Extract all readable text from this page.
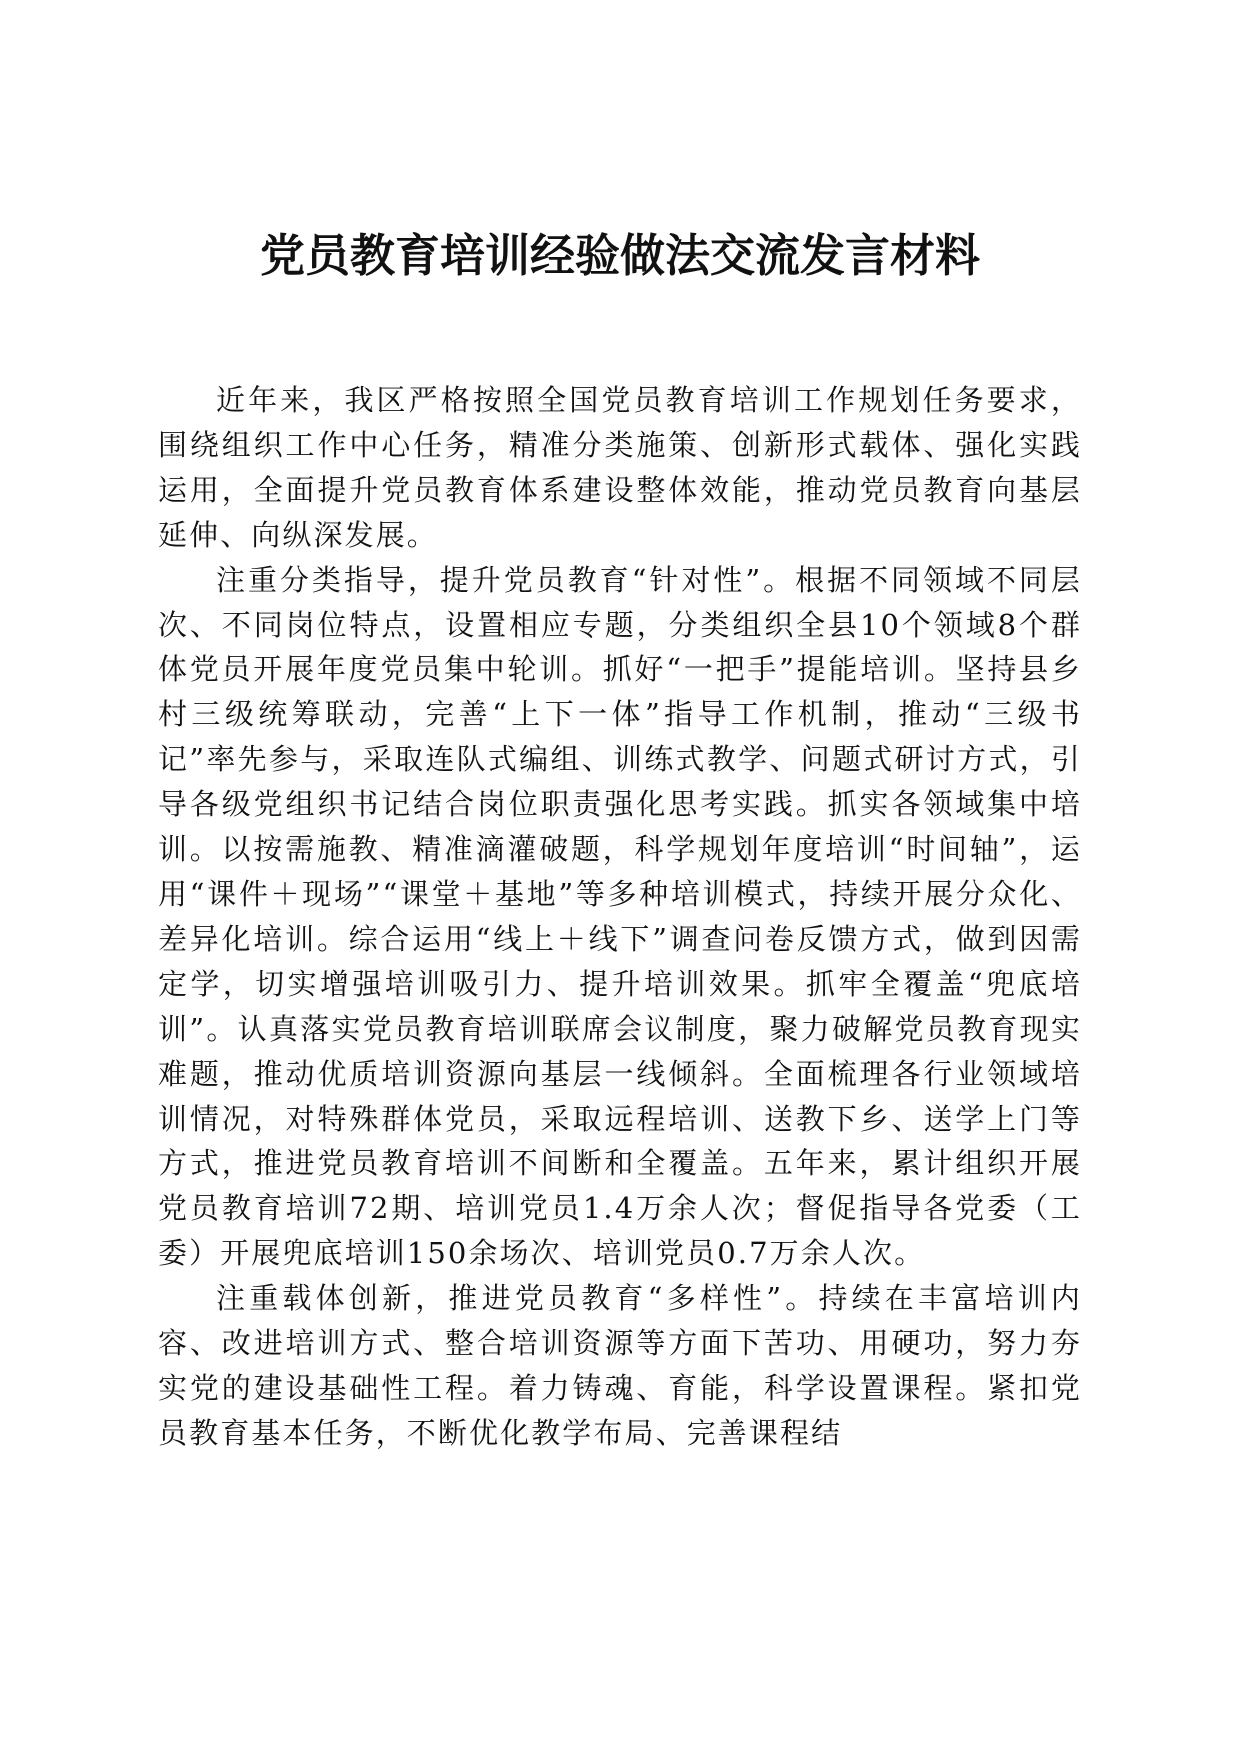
党员教育培训经验做法交流发言材料

近年来，我区严格按照全国党员教育培训工作规划任务要求，围绕组织工作中心任务，精准分类施策、创新形式载体、强化实践运用，全面提升党员教育体系建设整体效能，推动党员教育向基层延伸、向纵深发展。

注重分类指导，提升党员教育“针对性”。根据不同领域不同层次、不同岗位特点，设置相应专题，分类组织全县10个领域8个群体党员开展年度党员集中轮训。抓好“一把手”提能培训。坚持县乡村三级统筹联动，完善“上下一体”指导工作机制，推动“三级书记”率先参与，采取连队式编组、训练式教学、问题式研讨方式，引导各级党组织书记结合岗位职责强化思考实践。抓实各领域集中培训。以按需施教、精准滴灌破题，科学规划年度培训“时间轴”，运用“课件＋现场”“课堂＋基地”等多种培训模式，持续开展分众化、差异化培训。综合运用“线上＋线下”调查问卷反馈方式，做到因需定学，切实增强培训吸引力、提升培训效果。抓牢全覆盖“兜底培训”。认真落实党员教育培训联席会议制度，聚力破解党员教育现实难题，推动优质培训资源向基层一线倾斜。全面梳理各行业领域培训情况，对特殊群体党员，采取远程培训、送教下乡、送学上门等方式，推进党员教育培训不间断和全覆盖。五年来，累计组织开展党员教育培训72期、培训党员1.4万余人次；督促指导各党委（工委）开展兜底培训150余场次、培训党员0.7万余人次。

注重载体创新，推进党员教育“多样性”。持续在丰富培训内容、改进培训方式、整合培训资源等方面下苦功、用硬功，努力夯实党的建设基础性工程。着力铸魂、育能，科学设置课程。紧扣党员教育基本任务，不断优化教学布局、完善课程结
